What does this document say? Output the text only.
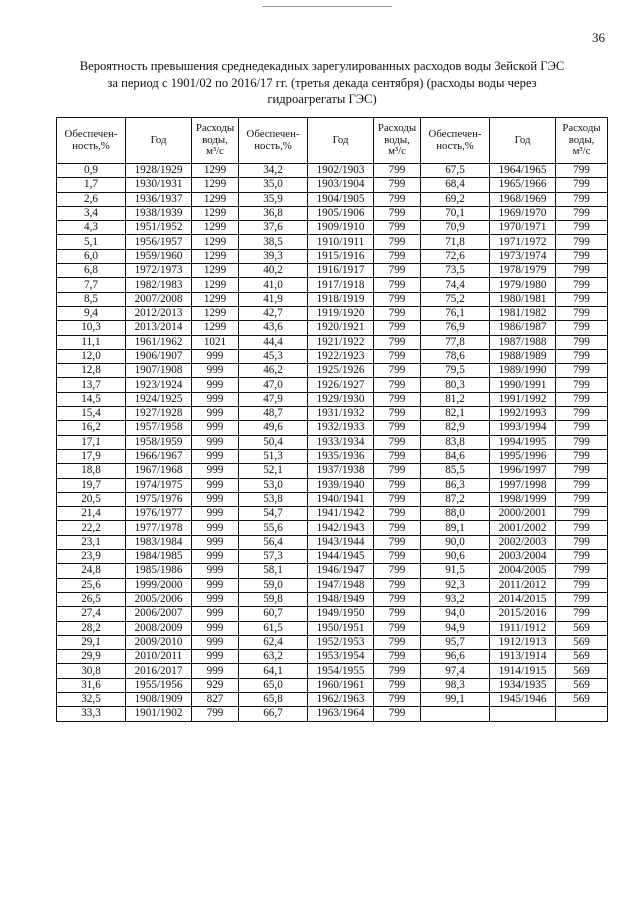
36
Вероятность превышения среднедекадных зарегулированных расходов воды Зейской ГЭС
за период с 1901/02 по 2016/17 гг. (третья декада сентября) (расходы воды через
гидроагрегаты ГЭС)
Обеспечен-
ность,%	Год	Расходы
воды,
м³/с	Обеспечен-
ность,%	Год	Расходы
воды,
м³/с	Обеспечен-
ность,%	Год	Расходы
воды,
м³/с

0,9	1928/1929	1299	34,2	1902/1903	799	67,5	1964/1965	799
1,7	1930/1931	1299	35,0	1903/1904	799	68,4	1965/1966	799
2,6	1936/1937	1299	35,9	1904/1905	799	69,2	1968/1969	799
3,4	1938/1939	1299	36,8	1905/1906	799	70,1	1969/1970	799
4,3	1951/1952	1299	37,6	1909/1910	799	70,9	1970/1971	799
5,1	1956/1957	1299	38,5	1910/1911	799	71,8	1971/1972	799
6,0	1959/1960	1299	39,3	1915/1916	799	72,6	1973/1974	799
6,8	1972/1973	1299	40,2	1916/1917	799	73,5	1978/1979	799
7,7	1982/1983	1299	41,0	1917/1918	799	74,4	1979/1980	799
8,5	2007/2008	1299	41,9	1918/1919	799	75,2	1980/1981	799
9,4	2012/2013	1299	42,7	1919/1920	799	76,1	1981/1982	799
10,3	2013/2014	1299	43,6	1920/1921	799	76,9	1986/1987	799
11,1	1961/1962	1021	44,4	1921/1922	799	77,8	1987/1988	799
12,0	1906/1907	999	45,3	1922/1923	799	78,6	1988/1989	799
12,8	1907/1908	999	46,2	1925/1926	799	79,5	1989/1990	799
13,7	1923/1924	999	47,0	1926/1927	799	80,3	1990/1991	799
14,5	1924/1925	999	47,9	1929/1930	799	81,2	1991/1992	799
15,4	1927/1928	999	48,7	1931/1932	799	82,1	1992/1993	799
16,2	1957/1958	999	49,6	1932/1933	799	82,9	1993/1994	799
17,1	1958/1959	999	50,4	1933/1934	799	83,8	1994/1995	799
17,9	1966/1967	999	51,3	1935/1936	799	84,6	1995/1996	799
18,8	1967/1968	999	52,1	1937/1938	799	85,5	1996/1997	799
19,7	1974/1975	999	53,0	1939/1940	799	86,3	1997/1998	799
20,5	1975/1976	999	53,8	1940/1941	799	87,2	1998/1999	799
21,4	1976/1977	999	54,7	1941/1942	799	88,0	2000/2001	799
22,2	1977/1978	999	55,6	1942/1943	799	89,1	2001/2002	799
23,1	1983/1984	999	56,4	1943/1944	799	90,0	2002/2003	799
23,9	1984/1985	999	57,3	1944/1945	799	90,6	2003/2004	799
24,8	1985/1986	999	58,1	1946/1947	799	91,5	2004/2005	799
25,6	1999/2000	999	59,0	1947/1948	799	92,3	2011/2012	799
26,5	2005/2006	999	59,8	1948/1949	799	93,2	2014/2015	799
27,4	2006/2007	999	60,7	1949/1950	799	94,0	2015/2016	799
28,2	2008/2009	999	61,5	1950/1951	799	94,9	1911/1912	569
29,1	2009/2010	999	62,4	1952/1953	799	95,7	1912/1913	569
29,9	2010/2011	999	63,2	1953/1954	799	96,6	1913/1914	569
30,8	2016/2017	999	64,1	1954/1955	799	97,4	1914/1915	569
31,6	1955/1956	929	65,0	1960/1961	799	98,3	1934/1935	569
32,5	1908/1909	827	65,8	1962/1963	799	99,1	1945/1946	569
33,3	1901/1902	799	66,7	1963/1964	799			
